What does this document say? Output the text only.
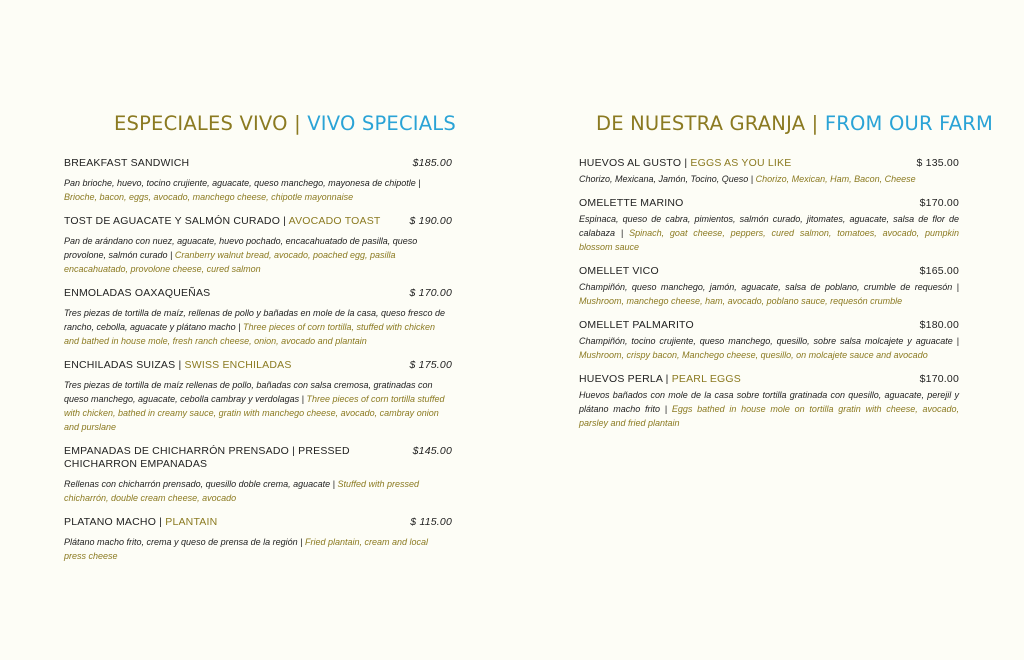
ESPECIALES VIVO | VIVO SPECIALS
BREAKFAST SANDWICH	$185.00
Pan brioche, huevo, tocino crujiente, aguacate, queso manchego, mayonesa de chipotle | Brioche, bacon, eggs, avocado, manchego cheese, chipotle mayonnaise
TOST DE AGUACATE Y SALMÓN CURADO | AVOCADO TOAST	$ 190.00
Pan de arándano con nuez, aguacate, huevo pochado, encacahuatado de pasilla, queso provolone, salmón curado | Cranberry walnut bread, avocado, poached egg, pasilla encacahuatado, provolone cheese, cured salmon
ENMOLADAS OAXAQUEÑAS	$ 170.00
Tres piezas de tortilla de maíz, rellenas de pollo y bañadas en mole de la casa, queso fresco de rancho, cebolla, aguacate y plátano macho | Three pieces of corn tortilla, stuffed with chicken and bathed in house mole, fresh ranch cheese, onion, avocado and plantain
ENCHILADAS SUIZAS | SWISS ENCHILADAS	$ 175.00
Tres piezas de tortilla de maíz rellenas de pollo, bañadas con salsa cremosa, gratinadas con queso manchego, aguacate, cebolla cambray y verdolagas | Three pieces of corn tortilla stuffed with chicken, bathed in creamy sauce, gratin with manchego cheese, avocado, cambray onion and purslane
EMPANADAS DE CHICHARRÓN PRENSADO | PRESSED CHICHARRON EMPANADAS
$145.00
Rellenas con chicharrón prensado, quesillo doble crema, aguacate | Stuffed with pressed chicharrón, double cream cheese, avocado
PLATANO MACHO | PLANTAIN	$ 115.00
Plátano macho frito, crema y queso de prensa de la región | Fried plantain, cream and local press cheese
DE NUESTRA GRANJA | FROM OUR FARM
HUEVOS AL GUSTO | EGGS AS YOU LIKE	$ 135.00
Chorizo, Mexicana, Jamón, Tocino, Queso | Chorizo, Mexican, Ham, Bacon, Cheese
OMELETTE MARINO	$170.00
Espinaca, queso de cabra, pimientos, salmón curado, jitomates, aguacate, salsa de flor de calabaza | Spinach, goat cheese, peppers, cured salmon, tomatoes, avocado, pumpkin blossom sauce
OMELLET VICO	$165.00
Champiñón, queso manchego, jamón, aguacate, salsa de poblano, crumble de requesón | Mushroom, manchego cheese, ham, avocado, poblano sauce, requesón crumble
OMELLET PALMARITO	$180.00
Champiñón, tocino crujiente, queso manchego, quesillo, sobre salsa molcajete y aguacate | Mushroom, crispy bacon, Manchego cheese, quesillo, on molcajete sauce and avocado
HUEVOS PERLA | PEARL EGGS	$170.00
Huevos bañados con mole de la casa sobre tortilla gratinada con quesillo, aguacate, perejil y plátano macho frito | Eggs bathed in house mole on tortilla gratin with cheese, avocado, parsley and fried plantain
